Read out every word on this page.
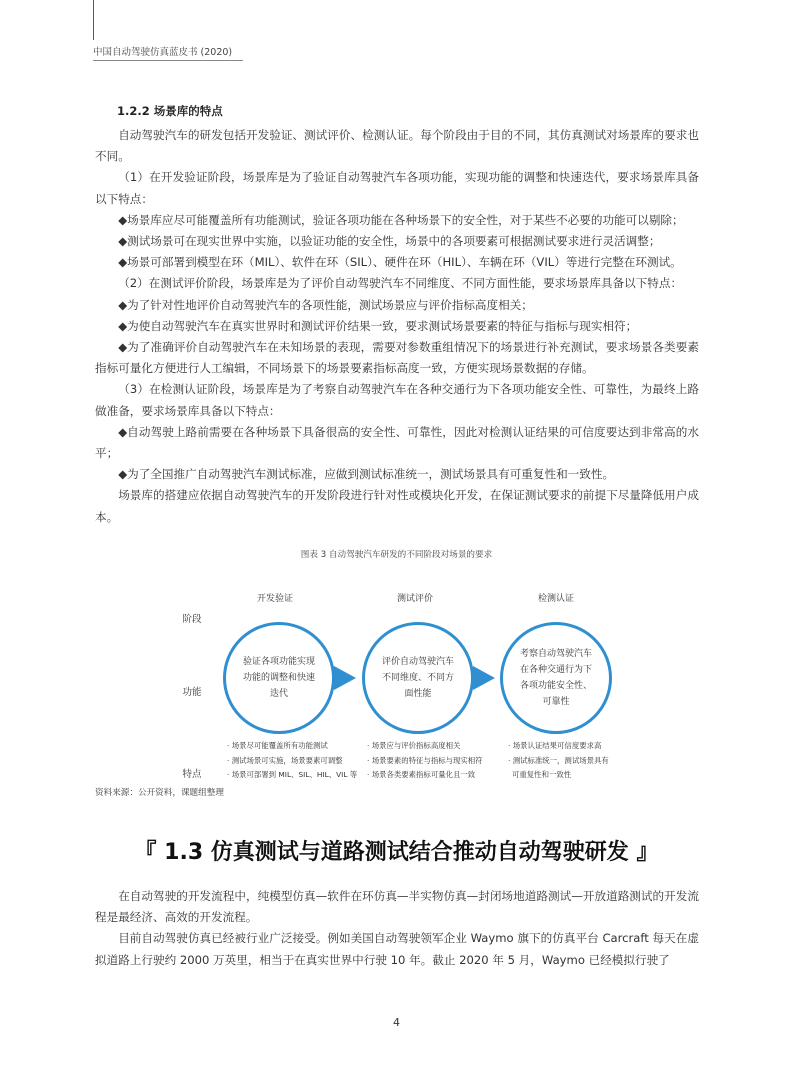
中国自动驾驶仿真蓝皮书 (2020)
1.2.2 场景库的特点

自动驾驶汽车的研发包括开发验证、测试评价、检测认证。每个阶段由于目的不同，其仿真测试对场景库的要求也不同。

（1）在开发验证阶段，场景库是为了验证自动驾驶汽车各项功能，实现功能的调整和快速迭代，要求场景库具备以下特点：

◆场景库应尽可能覆盖所有功能测试，验证各项功能在各种场景下的安全性，对于某些不必要的功能可以剔除；

◆测试场景可在现实世界中实施，以验证功能的安全性，场景中的各项要素可根据测试要求进行灵活调整；

◆场景可部署到模型在环（MIL）、软件在环（SIL）、硬件在环（HIL）、车辆在环（VIL）等进行完整在环测试。

（2）在测试评价阶段，场景库是为了评价自动驾驶汽车不同维度、不同方面性能，要求场景库具备以下特点：

◆为了针对性地评价自动驾驶汽车的各项性能，测试场景应与评价指标高度相关；

◆为使自动驾驶汽车在真实世界时和测试评价结果一致，要求测试场景要素的特征与指标与现实相符；

◆为了准确评价自动驾驶汽车在未知场景的表现，需要对参数重组情况下的场景进行补充测试，要求场景各类要素指标可量化方便进行人工编辑，不同场景下的场景要素指标高度一致，方便实现场景数据的存储。

（3）在检测认证阶段，场景库是为了考察自动驾驶汽车在各种交通行为下各项功能安全性、可靠性，为最终上路做准备，要求场景库具备以下特点：

◆自动驾驶上路前需要在各种场景下具备很高的安全性、可靠性，因此对检测认证结果的可信度要达到非常高的水平；

◆为了全国推广自动驾驶汽车测试标准，应做到测试标准统一，测试场景具有可重复性和一致性。

场景库的搭建应依据自动驾驶汽车的开发阶段进行针对性或模块化开发，在保证测试要求的前提下尽量降低用户成本。

图表 3 自动驾驶汽车研发的不同阶段对场景的要求
开发验证	测试评价	检测认证
阶段
功能
特点
验证各项功能实现功能的调整和快速迭代
评价自动驾驶汽车不同维度、不同方面性能
考察自动驾驶汽车在各种交通行为下各项功能安全性、可靠性
· 场景尽可能覆盖所有功能测试
· 测试场景可实施，场景要素可调整
· 场景可部署到 MIL、SIL、HIL、VIL 等
· 场景应与评价指标高度相关
· 场景要素的特征与指标与现实相符
· 场景各类要素指标可量化且一致
· 场景认证结果可信度要求高
· 测试标准统一，测试场景具有
可重复性和一致性
资料来源：公开资料，课题组整理
『 1.3 仿真测试与道路测试结合推动自动驾驶研发 』

在自动驾驶的开发流程中，纯模型仿真—软件在环仿真—半实物仿真—封闭场地道路测试—开放道路测试的开发流程是最经济、高效的开发流程。

目前自动驾驶仿真已经被行业广泛接受。例如美国自动驾驶领军企业 Waymo 旗下的仿真平台 Carcraft 每天在虚拟道路上行驶约 2000 万英里，相当于在真实世界中行驶 10 年。截止 2020 年 5 月，Waymo 已经模拟行驶了

4
